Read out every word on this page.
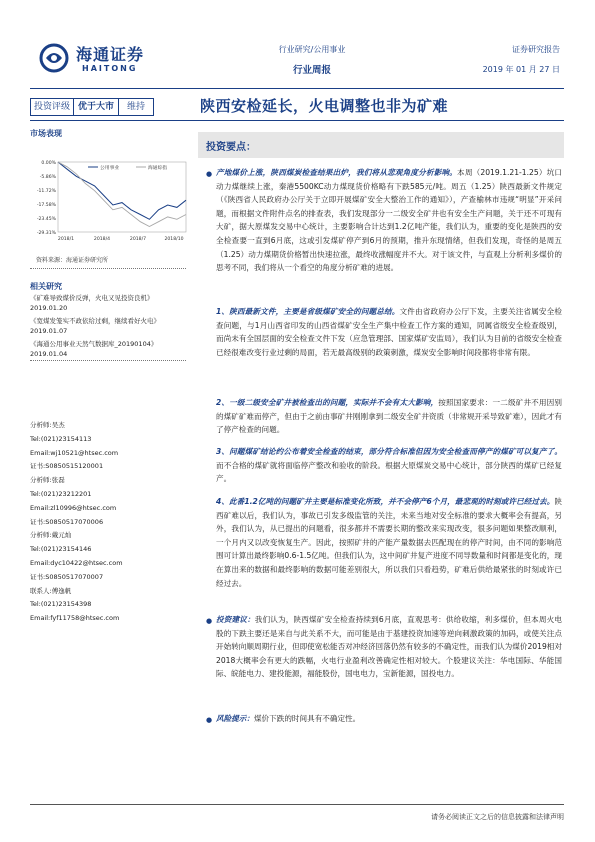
海通证券
HAITONG
行业研究/公用事业
行业周报
证券研究报告
2019 年 01 月 27 日
投资评级 优于大市	维持	陕西安检延长，火电调整也非为矿难
市场表现
0.00%
-5.86%
-11.72%
-17.58%
-23.45%
-29.31%
2018/1	2018/4	2018/7	2018/10
公用事业	海通综指
资料来源：海通证券研究所
相关研究
《矿难导致煤价反弹，火电又见投资良机》2019.01.20
《宽煤发笼实不政依给过剩，继续看好火电》2019.01.07
《海通公用事业天然气数据库_20190104》2019.01.04
分析师:吴杰
Tel:(021)23154113
Email:wj10521@htsec.com
证书:S0850515120001
分析师:张磊
Tel:(021)23212201
Email:zl10996@htsec.com
证书:S0850517070006
分析师:戴元灿
Tel:(021)23154146
Email:dyc10422@htsec.com
证书:S0850517070007
联系人:傅逸帆
Tel:(021)23154398
Email:fyf11758@htsec.com
投资要点：
● 产地煤价上涨，陕西煤炭检查结果出炉，我们将从悲观角度分析影响。本周（2019.1.21-1.25）坑口动力煤继续上涨，秦港5500KC动力煤现货价格略有下跌585元/吨。周五（1.25）陕西最新文件规定（《陕西省人民政府办公厅关于立即开展煤矿安全大整治工作的通知》），产查榆林市违规“明显”开采问题，而根据文件附件点名的排查表，我们发现部分一二级安全矿井也有安全生产问题，关于还不可现有大矿，据大原煤发交易中心统计，主要影响合计达到1.2亿吨产能，我们认为，重要的变化是陕西的安全检查要一直到6月底，这或引发煤矿停产到6月的预期，推升东现情绪，但我们发现，奇怪的是周五（1.25）动力煤期货价格暂出快速拉涨，最终收涨幅度并不大。对于该文件，与直观上分析利多煤价的思考不同，我们将从一个看空的角度分析矿难的进展。
1、陕西最新文件，主要是省级煤矿安全的问题总结。文件由省政府办公厅下发，主要关注省属安全检查问题，与1月山西省印发的山西省煤矿安全生产集中检查工作方案的通知，同属省级安全检查级别，而尚未有全国层面的安全检查文件下发（应急管理部、国家煤矿安监局），我们认为目前的省级安全检查已经很难改变行业过剩的局面，若无最高级别的政策刺激，煤炭安全影响时间段都将非常有限。
2、一级二级安全矿井被检查出的问题，实际并不会有太大影响，按照国家要求：一二级矿井不用因别的煤矿矿难而停产，但由于之前由事矿井刚刚拿到二级安全矿井资质（非常规开采导致矿难），因此才有了停产检查的问题。
3、问题煤矿结论约公布着安全检查的结束，部分符合标准但因为安全检查而停产的煤矿可以复产了。而不合格的煤矿就将面临停产整改和验收的阶段。根据大原煤炭交易中心统计，部分陕西的煤矿已经复产。
4、此番1.2亿吨的问题矿井主要是标准变化所致，并不会停产6个月，最悲观的时刻或许已经过去。陕西矿难以后，我们认为，事故已引发多级监管的关注，未来当地对安全标准的要求大概率会有提高，另外，我们认为，从已提出的问题看，很多都并不需要长期的整改来实现改变，很多问题如果整改顺利，一个月内又以改变恢复生产。因此，按照矿井的产能产量数据去匹配现在的停产时间，由不同的影响范围可计算出最终影响0.6-1.5亿吨。但我们认为，这中间矿井复产进度不同导数量和时间都是变化的，现在算出来的数据和最终影响的数据可能差别很大，所以我们只看趋势，矿难后供给最紧张的时刻或许已经过去。
● 投资建议：我们认为，陕西煤矿安全检查持续到6月底，直观思考：供给收缩，利多煤价，但本周火电股的下跌主要还是来自与此关系不大，而可能是由于基建投资加速等逆向刺激政策的加码，或使关注点开始转向顺周期行业，但即使宽松能否对冲经济回落仍然有较多的不确定性，而我们认为煤价2019相对2018大概率会有更大的跌幅，火电行业盈利改善确定性相对较大。个股建议关注：华电国际、华能国际、皖能电力、建投能源，福能股份，国电电力，宝新能源，国投电力。
● 风险提示：煤价下跌的时间具有不确定性。
请务必阅读正文之后的信息披露和法律声明
